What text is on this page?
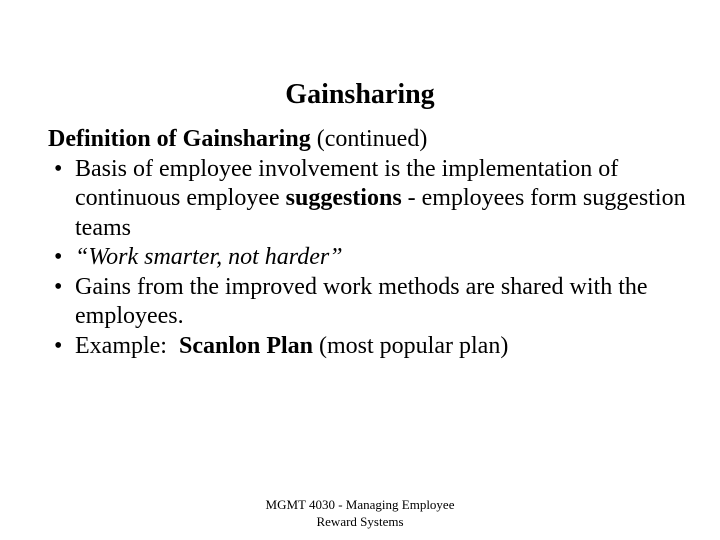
Gainsharing
Definition of Gainsharing (continued)
• Basis of employee involvement is the implementation of continuous employee suggestions - employees form suggestion teams
• “Work smarter, not harder”
• Gains from the improved work methods are shared with the employees.
• Example:  Scanlon Plan (most popular plan)
MGMT 4030 - Managing Employee
Reward Systems
